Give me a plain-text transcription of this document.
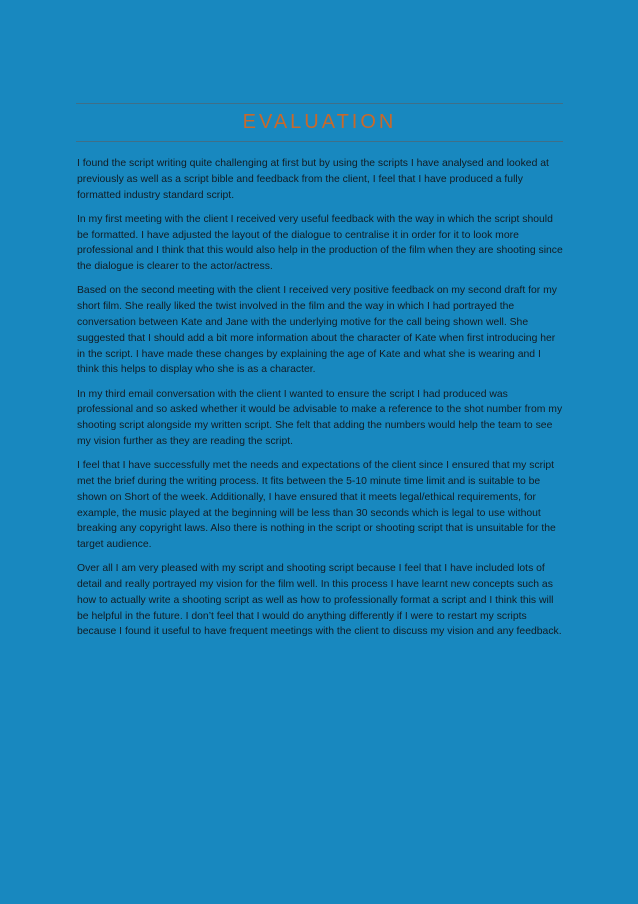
EVALUATION

I found the script writing quite challenging at first but by using the scripts I have analysed and looked at previously as well as a script bible and feedback from the client, I feel that I have produced a fully formatted industry standard script.

In my first meeting with the client I received very useful feedback with the way in which the script should be formatted. I have adjusted the layout of the dialogue to centralise it in order for it to look more professional and I think that this would also help in the production of the film when they are shooting since the dialogue is clearer to the actor/actress.

Based on the second meeting with the client I received very positive feedback on my second draft for my short film. She really liked the twist involved in the film and the way in which I had portrayed the conversation between Kate and Jane with the underlying motive for the call being shown well. She suggested that I should add a bit more information about the character of Kate when first introducing her in the script. I have made these changes by explaining the age of Kate and what she is wearing and I think this helps to display who she is as a character.

In my third email conversation with the client I wanted to ensure the script I had produced was professional and so asked whether it would be advisable to make a reference to the shot number from my shooting script alongside my written script. She felt that adding the numbers would help the team to see my vision further as they are reading the script.

I feel that I have successfully met the needs and expectations of the client since I ensured that my script met the brief during the writing process. It fits between the 5-10 minute time limit and is suitable to be shown on Short of the week. Additionally, I have ensured that it meets legal/ethical requirements, for example, the music played at the beginning will be less than 30 seconds which is legal to use without breaking any copyright laws. Also there is nothing in the script or shooting script that is unsuitable for the target audience.

Over all I am very pleased with my script and shooting script because I feel that I have included lots of detail and really portrayed my vision for the film well. In this process I have learnt new concepts such as how to actually write a shooting script as well as how to professionally format a script and I think this will be helpful in the future. I don’t feel that I would do anything differently if I were to restart my scripts because I found it useful to have frequent meetings with the client to discuss my vision and any feedback.
